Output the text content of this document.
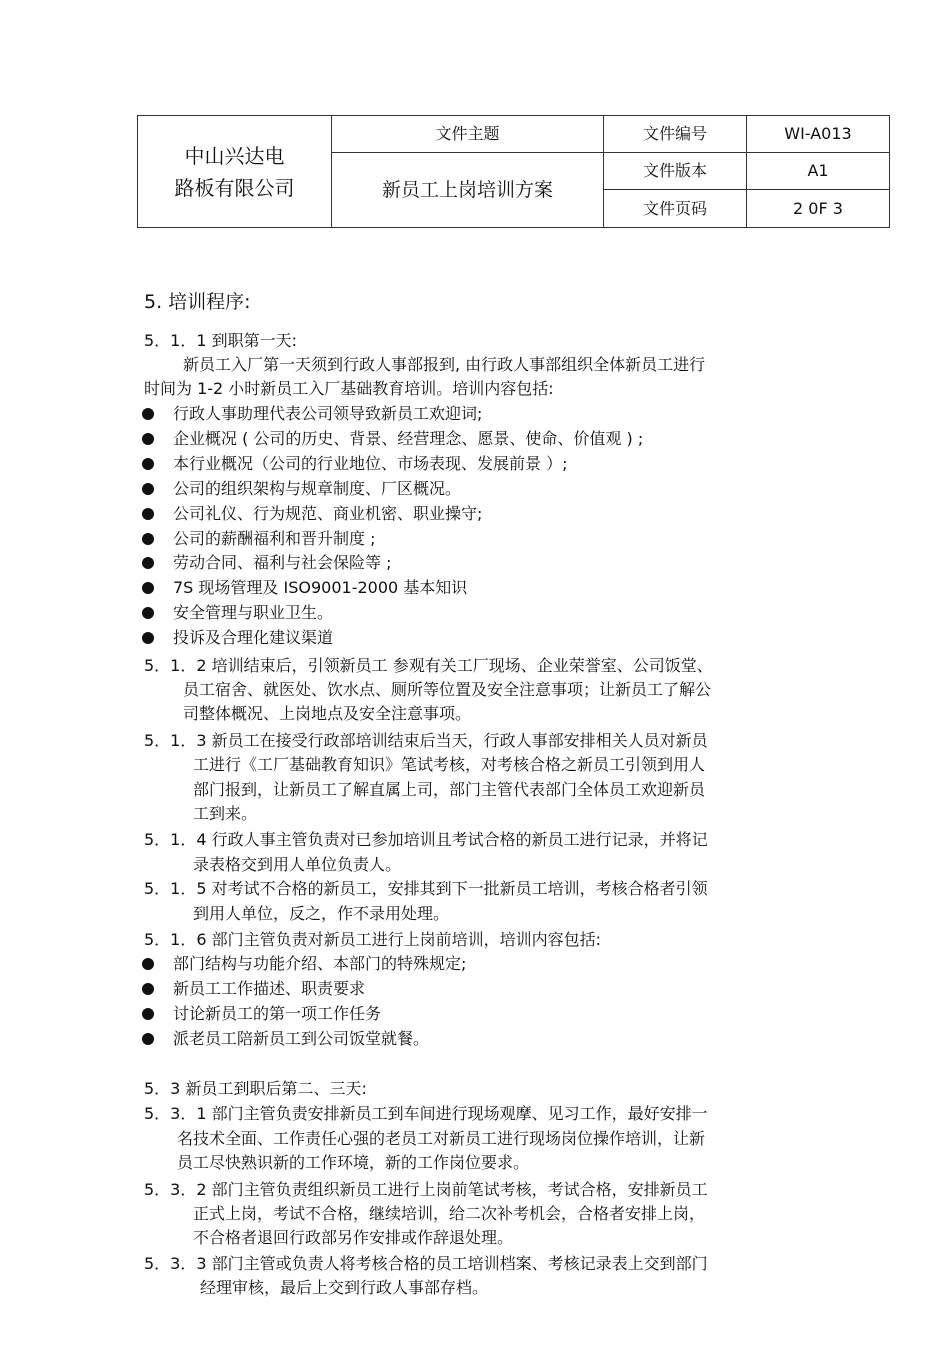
中山兴达电
路板有限公司	文件主题	文件编号	WI-A013
	新员工上岗培训方案	文件版本	A1
		文件页码	2 0F 3
5. 培训程序:
5．1．1 到职第一天:
新员工入厂第一天须到行政人事部报到, 由行政人事部组织全体新员工进行
时间为 1-2 小时新员工入厂基础教育培训。培训内容包括:
行政人事助理代表公司领导致新员工欢迎词;
企业概况 ( 公司的历史、背景、经营理念、愿景、使命、价值观 ) ;
本行业概况（公司的行业地位、市场表现、发展前景 ）;
公司的组织架构与规章制度、厂区概况。
公司礼仪、行为规范、商业机密、职业操守;
公司的薪酬福利和晋升制度 ;
劳动合同、福利与社会保险等 ;
7S 现场管理及 ISO9001-2000 基本知识
安全管理与职业卫生。
投诉及合理化建议渠道
5．1．2 培训结束后，引领新员工 参观有关工厂现场、企业荣誉室、公司饭堂、
员工宿舍、就医处、饮水点、厕所等位置及安全注意事项；让新员工了解公
司整体概况、上岗地点及安全注意事项。
5．1．3 新员工在接受行政部培训结束后当天，行政人事部安排相关人员对新员
工进行《工厂基础教育知识》笔试考核，对考核合格之新员工引领到用人
部门报到，让新员工了解直属上司，部门主管代表部门全体员工欢迎新员
工到来。
5．1．4 行政人事主管负责对已参加培训且考试合格的新员工进行记录，并将记
录表格交到用人单位负责人。
5．1．5 对考试不合格的新员工，安排其到下一批新员工培训，考核合格者引领
到用人单位，反之，作不录用处理。
5．1．6 部门主管负责对新员工进行上岗前培训，培训内容包括:
部门结构与功能介绍、本部门的特殊规定;
新员工工作描述、职责要求
讨论新员工的第一项工作任务
派老员工陪新员工到公司饭堂就餐。
5．3 新员工到职后第二、三天:
5．3．1 部门主管负责安排新员工到车间进行现场观摩、见习工作，最好安排一
名技术全面、工作责任心强的老员工对新员工进行现场岗位操作培训，让新
员工尽快熟识新的工作环境，新的工作岗位要求。
5．3．2 部门主管负责组织新员工进行上岗前笔试考核，考试合格，安排新员工
正式上岗，考试不合格，继续培训，给二次补考机会，合格者安排上岗，
不合格者退回行政部另作安排或作辞退处理。
5．3．3 部门主管或负责人将考核合格的员工培训档案、考核记录表上交到部门
经理审核，最后上交到行政人事部存档。
